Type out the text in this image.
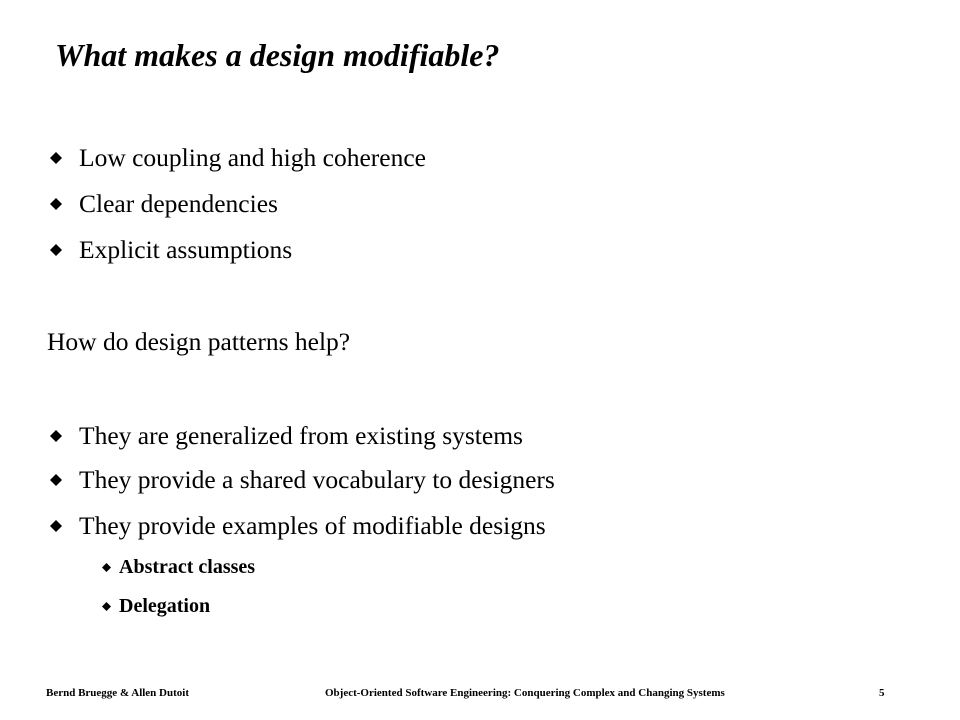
What makes a design modifiable?
Low coupling and high coherence
Clear dependencies
Explicit assumptions
How do design patterns help?
They are generalized from existing systems
They provide a shared vocabulary to designers
They provide examples of modifiable designs
Abstract classes
Delegation
Bernd Bruegge & Allen Dutoit	Object-Oriented Software Engineering: Conquering Complex and Changing Systems	5
